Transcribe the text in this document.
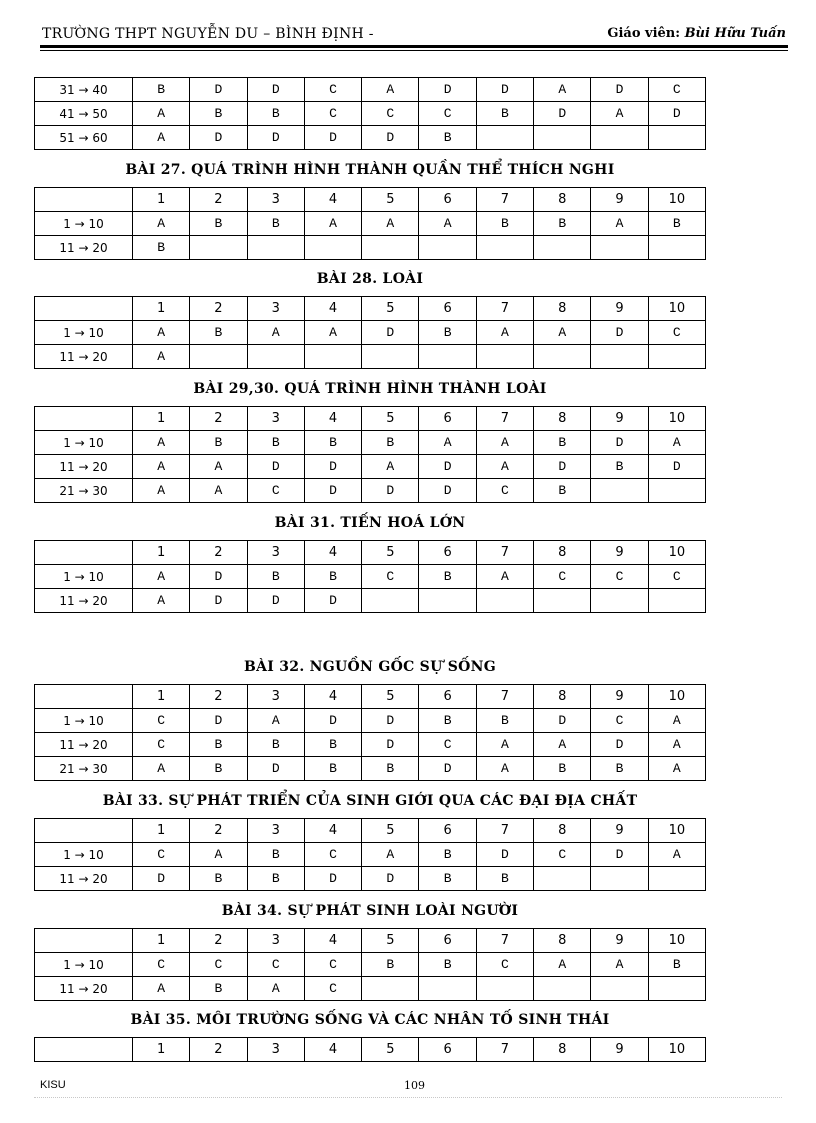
TRƯỜNG THPT NGUYỄN DU – BÌNH ĐỊNH -	Giáo viên: Bùi Hữu Tuấn
31 → 40	B	D	D	C	A	D	D	A	D	C
41 → 50	A	B	B	C	C	C	B	D	A	D
51 → 60	A	D	D	D	D	B				
BÀI 27. QUÁ TRÌNH HÌNH THÀNH QUẦN THỂ THÍCH NGHI
	1	2	3	4	5	6	7	8	9	10
1 → 10	A	B	B	A	A	A	B	B	A	B
11 → 20	B									
BÀI 28. LOÀI
	1	2	3	4	5	6	7	8	9	10
1 → 10	A	B	A	A	D	B	A	A	D	C
11 → 20	A									
BÀI 29,30. QUÁ TRÌNH HÌNH THÀNH LOÀI
	1	2	3	4	5	6	7	8	9	10
1 → 10	A	B	B	B	B	A	A	B	D	A
11 → 20	A	A	D	D	A	D	A	D	B	D
21 → 30	A	A	C	D	D	D	C	B		
BÀI 31. TIẾN HOÁ LỚN
	1	2	3	4	5	6	7	8	9	10
1 → 10	A	D	B	B	C	B	A	C	C	C
11 → 20	A	D	D	D						
BÀI 32. NGUỒN GỐC SỰ SỐNG
	1	2	3	4	5	6	7	8	9	10
1 → 10	C	D	A	D	D	B	B	D	C	A
11 → 20	C	B	B	B	D	C	A	A	D	A
21 → 30	A	B	D	B	B	D	A	B	B	A
BÀI 33. SỰ PHÁT TRIỂN CỦA SINH GIỚI QUA CÁC ĐẠI ĐỊA CHẤT
	1	2	3	4	5	6	7	8	9	10
1 → 10	C	A	B	C	A	B	D	C	D	A
11 → 20	D	B	B	D	D	B	B			
BÀI 34. SỰ PHÁT SINH LOÀI NGƯỜI
	1	2	3	4	5	6	7	8	9	10
1 → 10	C	C	C	C	B	B	C	A	A	B
11 → 20	A	B	A	C						
BÀI 35. MÔI TRƯỜNG SỐNG VÀ CÁC NHÂN TỐ SINH THÁI
	1	2	3	4	5	6	7	8	9	10
KISU	109
